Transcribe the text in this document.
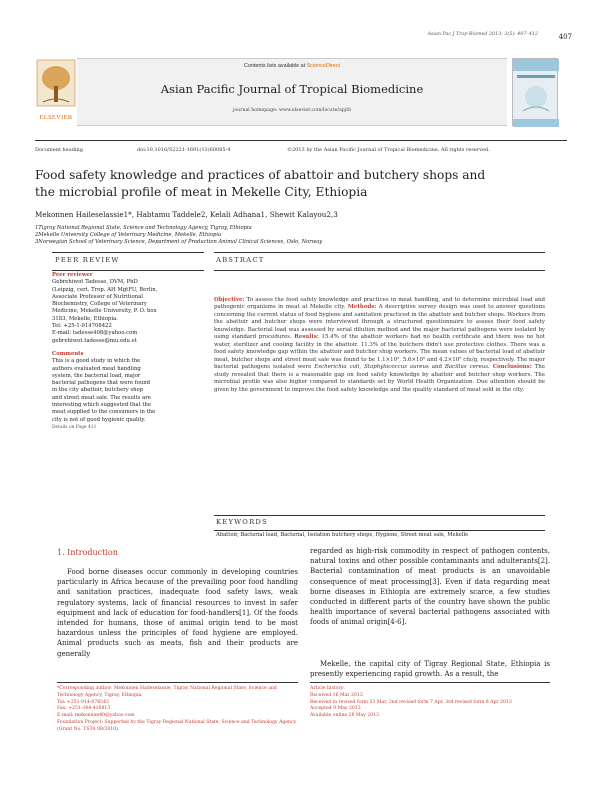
Asian Pac J Trop Biomed 2013; 3(5): 407–412	407
ELSEVIER
Contents lists available at ScienceDirect
Asian Pacific Journal of Tropical Biomedicine
journal homepage: www.elsevier.com/locate/apjtb
Document heading	doi:10.1016/S2221-1691(13)60085-4	©2013 by the Asian Pacific Journal of Tropical Biomedicine. All rights reserved.
Food safety knowledge and practices of abattoir and butchery shops and
the microbial profile of meat in Mekelle City, Ethiopia
Mekonnen Haileselassie1*, Habtamu Taddele2, Kelali Adhana1, Shewit Kalayou2,3
1Tigray National Regional State, Science and Technology Agency, Tigray, Ethiopia
2Mekelle University College of Veterinary Medicine, Mekelle, Ethiopia
3Norwegian School of Veterinary Science, Department of Production Animal Clinical Sciences, Oslo, Norway
PEER REVIEW	ABSTRACT
Peer reviewer
Gebrehiwot Tadesse, DVM, PhD
(Leipzig, cert. Trop. AH MgtFU, Berlin,
Associate Professor of Nutritional
Biochemistry, College of Veterinary
Medicine, Mekelle University, P. O. box
3183, Mekelle, Ethiopia.
Tel: +25-1-914708422
E-mail: tadesse408@yahoo.com
gebrehiwot.tadesse@mu.edu.et
Comments
This is a good study in which the
authors evaluated meat handling
system, the bacterial load, major
bacterial pathogens that were found
in the city abattoir, butchery shop
and street meat sale. The results are
interesting which suggested that the
meat supplied to the consumers in the
city is not of good hygienic quality.
Details on Page 411
Objective: To assess the food safety knowledge and practices in meat handling, and to determine microbial load and pathogenic organisms in meat at Mekelle city. Methods: A descriptive survey design was used to answer questions concerning the current status of food hygiene and sanitation practiced in the abattoir and butcher shops. Workers from the abattoir and butcher shops were interviewed through a structured questionnaire to assess their food safety knowledge. Bacterial load was assessed by serial dilution method and the major bacterial pathogens were isolated by using standard procedures. Results: 15.4% of the abattoir workers had no health certificate and there was no hot water, sterilizer and cooling facility in the abattoir. 11.3% of the butchers didn't use protective clothes. There was a food safety knowledge gap within the abattoir and butcher shop workers. The mean values of bacterial load of abattoir meat, butcher shops and street meat sale was found to be 1.1×10⁵, 5.6×10⁵ and 4.2×10⁵ cfu/g, respectively. The major bacterial pathogens isolated were Escherichia coli, Staphylococcus aureus and Bacillus cereus. Conclusions: The study revealed that there is a reasonable gap on food safety knowledge by abattoir and butcher shop workers. The microbial profile was also higher compared to standards set by World Health Organization. Due attention should be given by the government to improve the food safety knowledge and the quality standard of meat sold in the city.
KEYWORDS
Abattoir, Bacterial load, Bacterial, Isolation butchery shops, Hygiene, Street meat sale, Mekelle
1. Introduction
Food borne diseases occur commonly in developing countries particularly in Africa because of the prevailing poor food handling and sanitation practices, inadequate food safety laws, weak regulatory systems, lack of financial resources to invest in safer equipment and lack of education for food-handlers[1]. Of the foods intended for humans, those of animal origin tend to be most hazardous unless the principles of food hygiene are employed. Animal products such as meats, fish and their products are generally
regarded as high-risk commodity in respect of pathogen contents, natural toxins and other possible contaminants and adulterants[2]. Bacterial contamination of meat products is an unavoidable consequence of meat processing[3]. Even if data regarding meat borne diseases in Ethiopia are extremely scarce, a few studies conducted in different parts of the country have shown the public health importance of several bacterial pathogens associated with foods of animal origin[4-6].
Mekelle, the capital city of Tigray Regional State, Ethiopia is presently experiencing rapid growth. As a result, the
*Corresponding author: Mekonnen Haileselassie, Tigray National Regional State, Science and Technology Agency, Tigray, Ethiopia.
Tel: +251-914-078543
Fax: +251-344-416813
E-mail: mekonnen40@yahoo.com
Foundation Project: Supported by the Tigray Regional National State, Science and Technology Agency (Grant No. TSTA 08/2010).
Article history:
Received 16 Mar 2013
Received in revised form 23 Mar, 2nd revised form 7 Apr, 3rd revised form 8 Apr 2013
Accepted 9 May 2013
Available online 28 May 2013
